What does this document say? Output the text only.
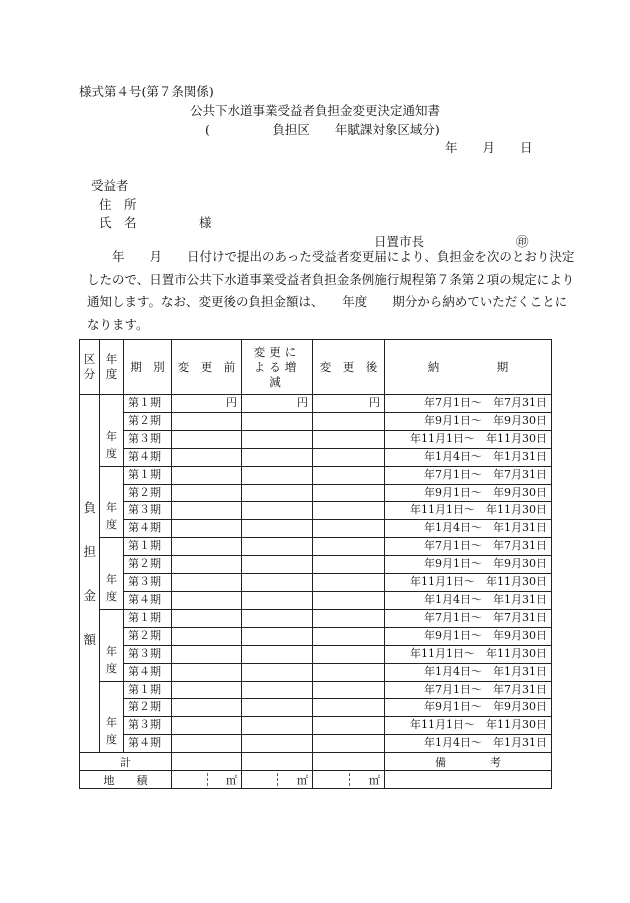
様式第４号(第７条関係)
公共下水道事業受益者負担金変更決定通知書
(　　　　　負担区　　年賦課対象区域分)
年　　月　　日
受益者
住　所
氏　名　　　　　様
日置市長	㊞
　　年　　月　　日付けで提出のあった受益者変更届により、負担金を次のとおり決定
したので、日置市公共下水道事業受益者負担金条例施行規程第７条第２項の規定により
通知します。なお、変更後の負担金額は、　　年度　　期分から納めていただくことに
なります。
区分	年度	期　別	変　更　前	変更による増減	変　更　後	納　　　　　期
負担金額	年度	第１期	円	円	円	年7月1日～　年7月31日
		第２期				年9月1日～　年9月30日
		第３期				年11月1日～　年11月30日
		第４期				年1月4日～　年1月31日
	年度	第１期				年7月1日～　年7月31日
		第２期				年9月1日～　年9月30日
		第３期				年11月1日～　年11月30日
		第４期				年1月4日～　年1月31日
	年度	第１期				年7月1日～　年7月31日
		第２期				年9月1日～　年9月30日
		第３期				年11月1日～　年11月30日
		第４期				年1月4日～　年1月31日
	年度	第１期				年7月1日～　年7月31日
		第２期				年9月1日～　年9月30日
		第３期				年11月1日～　年11月30日
		第４期				年1月4日～　年1月31日
	年度	第１期				年7月1日～　年7月31日
		第２期				年9月1日～　年9月30日
		第３期				年11月1日～　年11月30日
		第４期				年1月4日～　年1月31日
計						備　　　　考
地　　積			㎡	㎡	㎡	
